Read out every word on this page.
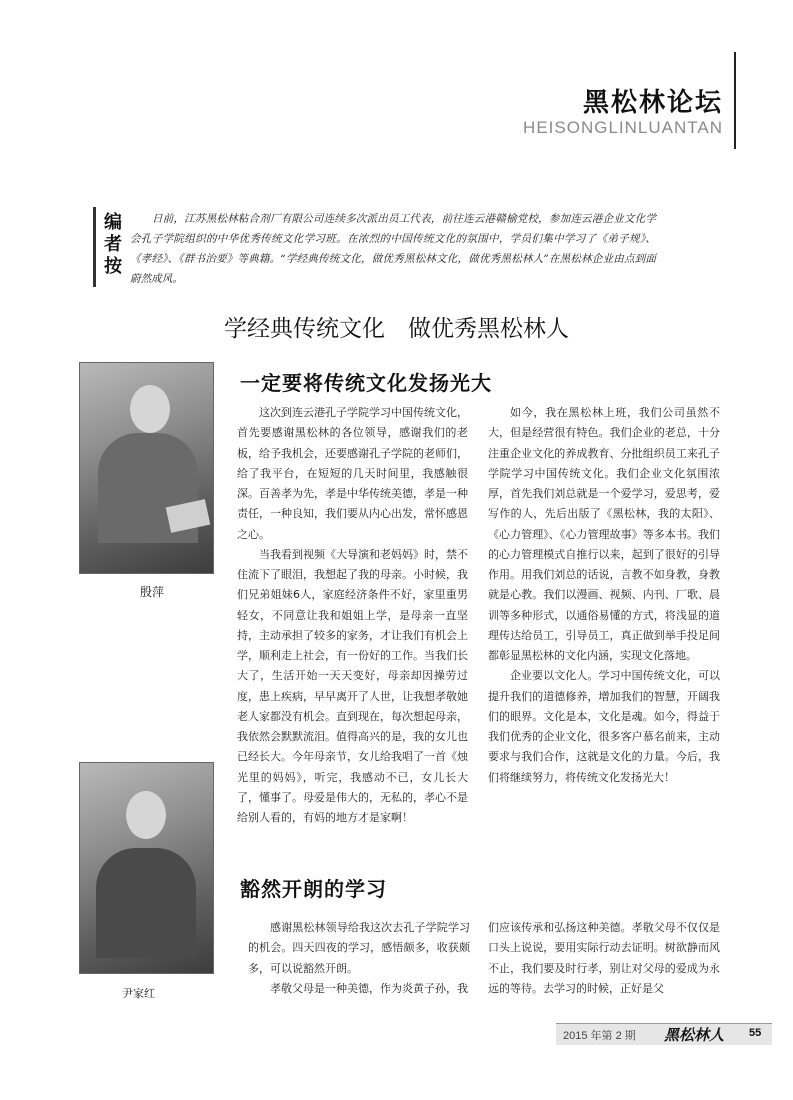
黑松林论坛
HEISONGLINLUANTAN
编者按
日前，江苏黑松林粘合剂厂有限公司连续多次派出员工代表，前往连云港赣榆党校，参加连云港企业文化学会孔子学院组织的中华优秀传统文化学习班。在浓烈的中国传统文化的氛围中，学员们集中学习了《弟子规》、《孝经》、《群书治要》等典籍。“学经典传统文化，做优秀黑松林文化，做优秀黑松林人”在黑松林企业由点到面蔚然成风。
学经典传统文化　做优秀黑松林人
殷萍
一定要将传统文化发扬光大

这次到连云港孔子学院学习中国传统文化，首先要感谢黑松林的各位领导，感谢我们的老板，给予我机会，还要感谢孔子学院的老师们，给了我平台，在短短的几天时间里，我感触很深。百善孝为先，孝是中华传统美德，孝是一种责任，一种良知，我们要从内心出发，常怀感恩之心。

当我看到视频《大导演和老妈妈》时，禁不住流下了眼泪，我想起了我的母亲。小时候，我们兄弟姐妹6人，家庭经济条件不好，家里重男轻女，不同意让我和姐姐上学，是母亲一直坚持，主动承担了较多的家务，才让我们有机会上学，顺利走上社会，有一份好的工作。当我们长大了，生活开始一天天变好，母亲却因操劳过度，患上疾病，早早离开了人世，让我想孝敬她老人家都没有机会。直到现在，每次想起母亲，我依然会默默流泪。值得高兴的是，我的女儿也已经长大。今年母亲节，女儿给我唱了一首《烛光里的妈妈》，听完，我感动不已，女儿长大了，懂事了。母爱是伟大的，无私的，孝心不是给别人看的，有妈的地方才是家啊！

如今，我在黑松林上班，我们公司虽然不大，但是经营很有特色。我们企业的老总，十分注重企业文化的养成教育、分批组织员工来孔子学院学习中国传统文化。我们企业文化氛围浓厚，首先我们刘总就是一个爱学习，爱思考，爱写作的人，先后出版了《黑松林，我的太阳》、《心力管理》、《心力管理故事》等多本书。我们的心力管理模式自推行以来，起到了很好的引导作用。用我们刘总的话说，言教不如身教，身教就是心教。我们以漫画、视频、内刊、厂歌、晨训等多种形式，以通俗易懂的方式，将浅显的道理传达给员工，引导员工，真正做到举手投足间都彰显黑松林的文化内涵，实现文化落地。

企业要以文化人。学习中国传统文化，可以提升我们的道德修养，增加我们的智慧，开阔我们的眼界。文化是本，文化是魂。如今，得益于我们优秀的企业文化，很多客户慕名前来，主动要求与我们合作，这就是文化的力量。今后，我们将继续努力，将传统文化发扬光大！

尹家红
豁然开朗的学习

感谢黑松林领导给我这次去孔子学院学习的机会。四天四夜的学习，感悟颇多，收获颇多，可以说豁然开朗。

孝敬父母是一种美德，作为炎黄子孙，我

们应该传承和弘扬这种美德。孝敬父母不仅仅是口头上说说，要用实际行动去证明。树欲静而风不止，我们要及时行孝，别让对父母的爱成为永远的等待。去学习的时候，正好是父

2015 年第 2 期 黑松林人 55
